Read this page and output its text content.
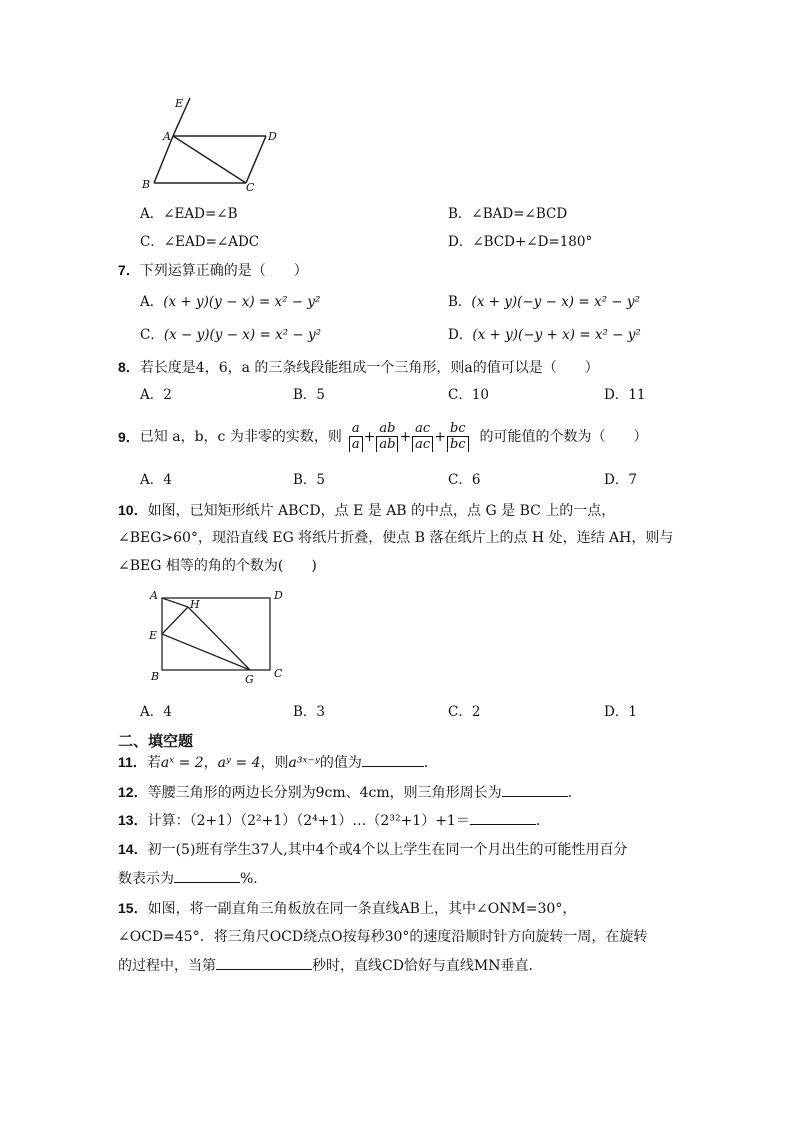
E
A	D
B	C
A．∠EAD=∠B	B．∠BAD=∠BCD
C．∠EAD=∠ADC	D．∠BCD+∠D=180°
7．下列运算正确的是（　　）
A．(x + y)(y − x) = x² − y²	B．(x + y)(−y − x) = x² − y²
C．(x − y)(y − x) = x² − y²	D．(x + y)(−y + x) = x² − y²
8．若长度是4，6，a 的三条线段能组成一个三角形，则a的值可以是（　　）
A．2	B．5	C．10	D．11
9． 已知 a，b，c 为非零的实数，则 $\frac{a}{a} + \frac{ab}{ab} + \frac{ac}{ac} + \frac{bc}{bc}$ 的可能值的个数为（　　）
A．4	B．5	C．6	D．7
10．如图，已知矩形纸片 ABCD，点 E 是 AB 的中点，点 G 是 BC 上的一点，
∠BEG>60°，现沿直线 EG 将纸片折叠，使点 B 落在纸片上的点 H 处，连结 AH，则与
∠BEG 相等的角的个数为(　　)
A
H
D
E
B	G C
A．4	B．3	C．2	D．1
二、填空题
11．若aˣ = 2，aʸ = 4，则a³ˣ⁻ʸ的值为	.
12．等腰三角形的两边长分别为9cm、4cm，则三角形周长为	.
13．计算：（2+1）（2²+1）（2⁴+1）…（2³²+1）+1＝	.
14．初一(5)班有学生37人,其中4个或4个以上学生在同一个月出生的可能性用百分
数表示为	%.
15．如图，将一副直角三角板放在同一条直线AB上，其中∠ONM=30°，
∠OCD=45°．将三角尺OCD绕点O按每秒30°的速度沿顺时针方向旋转一周，在旋转
的过程中，当第	秒时，直线CD恰好与直线MN垂直．
